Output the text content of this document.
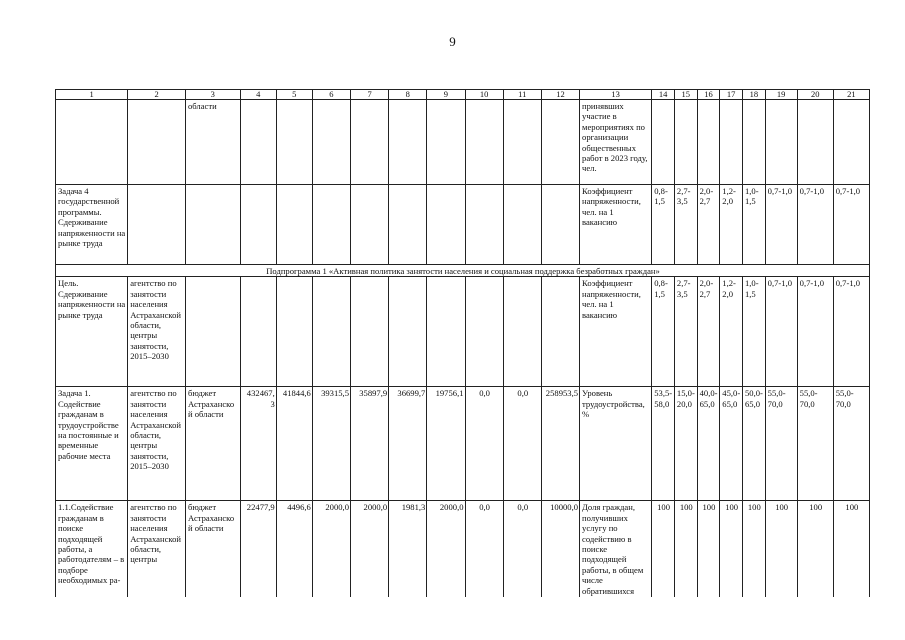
9
1	2	3	4	5	6	7	8	9	10	11	12	13	14	15	16	17	18	19	20	21
		области										принявших участие в мероприятиях по организации общественных работ в 2023 году, чел.								
Задача 4 государственной программы. Сдерживание напряженности на рынке труда												Коэффициент напряженности, чел. на 1 вакансию	0,8-1,5	2,7-3,5	2,0-2,7	1,2-2,0	1,0-1,5	0,7-1,0	0,7-1,0	0,7-1,0
Подпрограмма 1 «Активная политика занятости населения и социальная поддержка безработных граждан»																				
Цель. Сдерживание напряженности на рынке труда	агентство по занятости населения Астраханской области, центры занятости, 2015–2030											Коэффициент напряженности, чел. на 1 вакансию	0,8-1,5	2,7-3,5	2,0-2,7	1,2-2,0	1,0-1,5	0,7-1,0	0,7-1,0	0,7-1,0
Задача 1. Содействие гражданам в трудоустройстве на постоянные и временные рабочие места	агентство по занятости населения Астраханской области, центры занятости, 2015–2030	бюджет Астраханской области	432467,3	41844,6	39315,5	35897,9	36699,7	19756,1	0,0	0,0	258953,5	Уровень трудоустройства, %	53,5-58,0	15,0-20,0	40,0-65,0	45,0-65,0	50,0-65,0	55,0-70,0	55,0-70,0	55,0-70,0
1.1.Содействие гражданам в поиске подходящей работы, а работодателям – в подборе необходимых ра-	агентство по занятости населения Астраханской области, центры	бюджет Астраханской области	22477,9	4496,6	2000,0	2000,0	1981,3	2000,0	0,0	0,0	10000,0	Доля граждан, получивших услугу по содействию в поиске подходящей работы, в общем числе обратившихся	100	100	100	100	100	100	100	100
